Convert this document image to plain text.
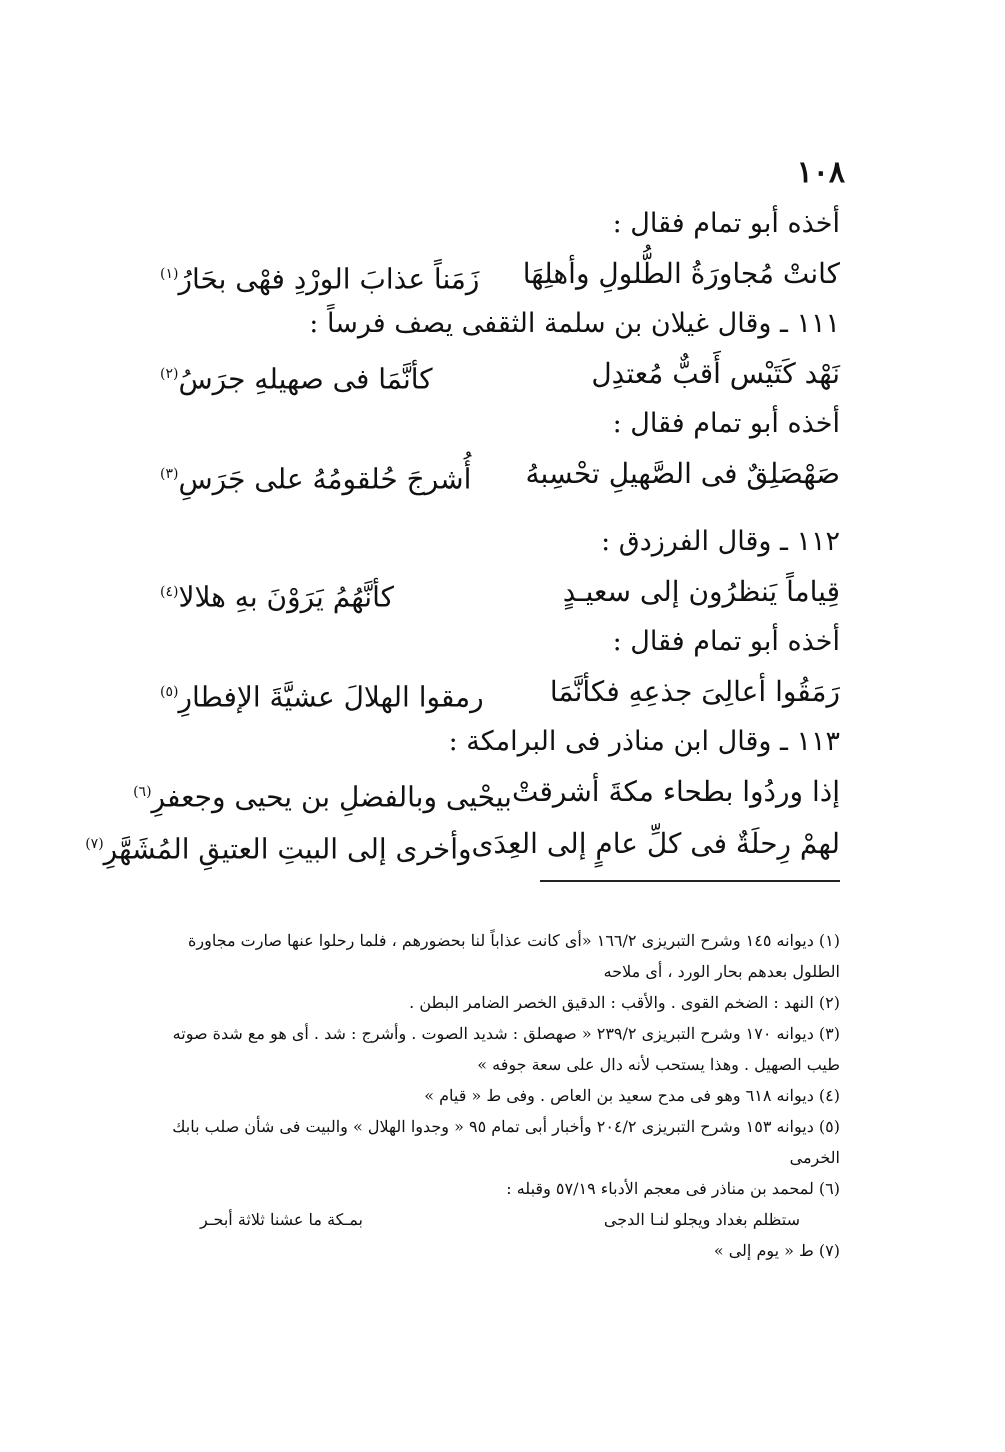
١٠٨
أخذه أبو تمام فقال :
كانتْ مُجاورَةُ الطُّلولِ وأهلِهَا
زَمَناً عذابَ الورْدِ فهْى بحَارُ$^{(١)}$
١١١ ـ وقال غيلان بن سلمة الثقفى يصف فرساً :
نَهْد كَتَيْس أَقبٌّ مُعتدِل
كأنَّمَا فى صهيلهِ جرَسُ$^{(٢)}$
أخذه أبو تمام فقال :
صَهْصَلِقٌ فى الصَّهيلِ تحْسِبهُ
أُشرجَ حُلقومُهُ على جَرَسِ$^{(٣)}$
١١٢ ـ وقال الفرزدق :
قِياماً يَنظرُون إلى سعيـدٍ
كأنَّهُمُ يَرَوْنَ بهِ هلالا$^{(٤)}$
أخذه أبو تمام فقال :
رَمَقُوا أعالِىَ جذعِهِ فكأنَّمَا
رمقوا الهلالَ عشيَّةَ الإفطارِ$^{(٥)}$
١١٣ ـ وقال ابن مناذر فى البرامكة :
إذا وردُوا بطحاء مكةَ أشرقتْ
بيحْيى وبالفضلِ بن يحيى وجعفرِ$^{(٦)}$
لهمْ رِحلَةٌ فى كلِّ عامٍ إلى العِدَى
وأخرى إلى البيتِ العتيقِ المُشَهَّرِ$^{(٧)}$
(١) ديوانه ١٤٥ وشرح التبريزى ١٦٦/٢ «أى كانت عذاباً لنا بحضورهم ، فلما رحلوا عنها صارت مجاورة الطلول بعدهم بحار الورد ، أى ملاحه
(٢) النهد : الضخم القوى . والأقب : الدقيق الخصر الضامر البطن .
(٣) ديوانه ١٧٠ وشرح التبريزى ٢٣٩/٢ « صهصلق : شديد الصوت . وأشرج : شد . أى هو مع شدة صوته طيب الصهيل . وهذا يستحب لأنه دال على سعة جوفه »
(٤) ديوانه ٦١٨ وهو فى مدح سعيد بن العاص . وفى ط « قيام »
(٥) ديوانه ١٥٣ وشرح التبريزى ٢٠٤/٢ وأخبار أبى تمام ٩٥ « وجدوا الهلال » والبيت فى شأن صلب بابك الخرمى
(٦) لمحمد بن مناذر فى معجم الأدباء ٥٧/١٩ وقبله :
ستظلم بغداد ويجلو لنـا الدجى
بمـكة ما عشنا ثلاثة أبحـر
(٧) ط « يوم إلى »
